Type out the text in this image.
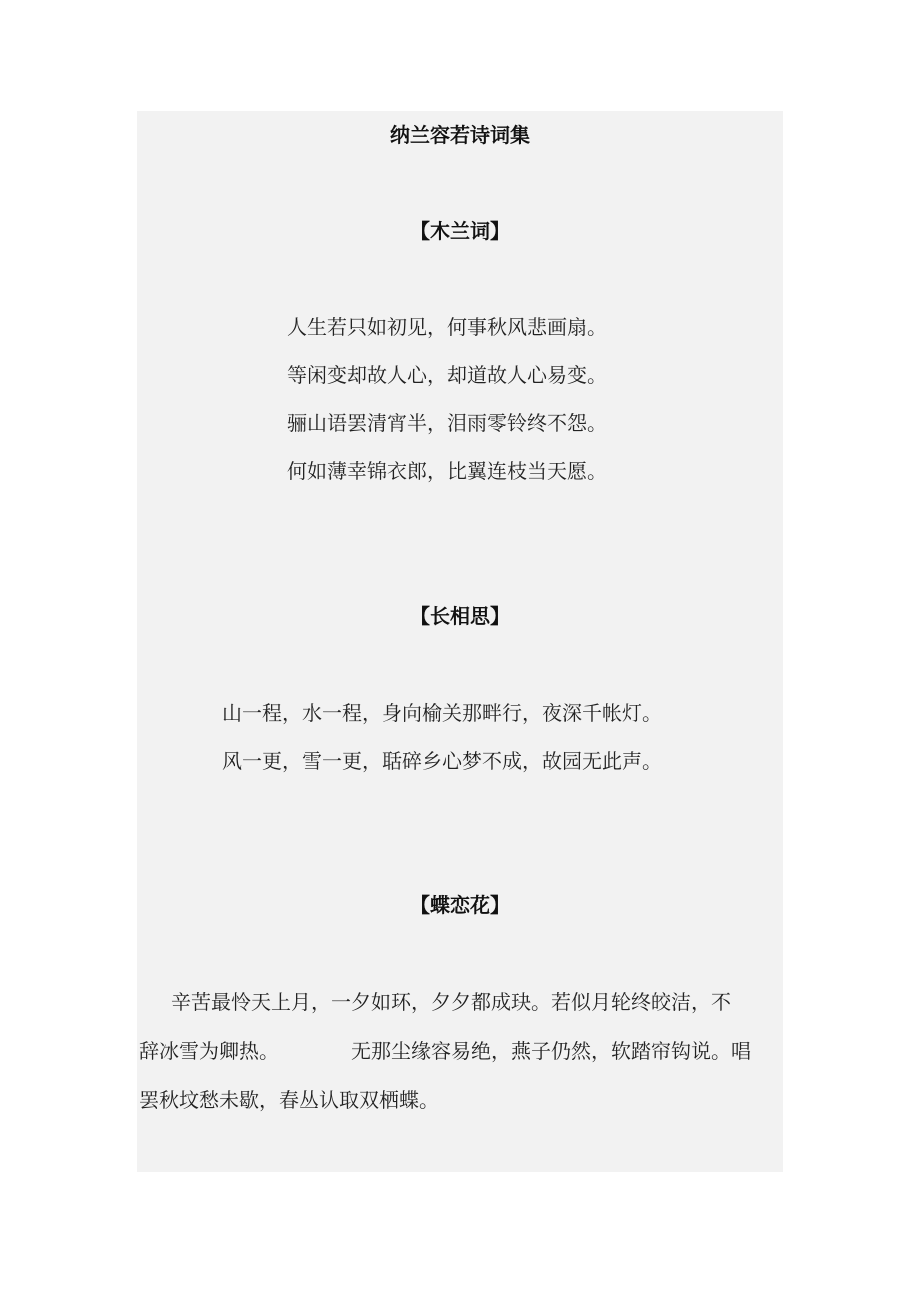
纳兰容若诗词集
【木兰词】
人生若只如初见，何事秋风悲画扇。
等闲变却故人心，却道故人心易变。
骊山语罢清宵半，泪雨零铃终不怨。
何如薄幸锦衣郎，比翼连枝当天愿。
【长相思】
山一程，水一程，身向榆关那畔行，夜深千帐灯。
风一更，雪一更，聒碎乡心梦不成，故园无此声。
【蝶恋花】
辛苦最怜天上月，一夕如环，夕夕都成玦。若似月轮终皎洁，不
辞冰雪为卿热。	无那尘缘容易绝，燕子仍然，软踏帘钩说。唱
罢秋坟愁未歇，春丛认取双栖蝶。
